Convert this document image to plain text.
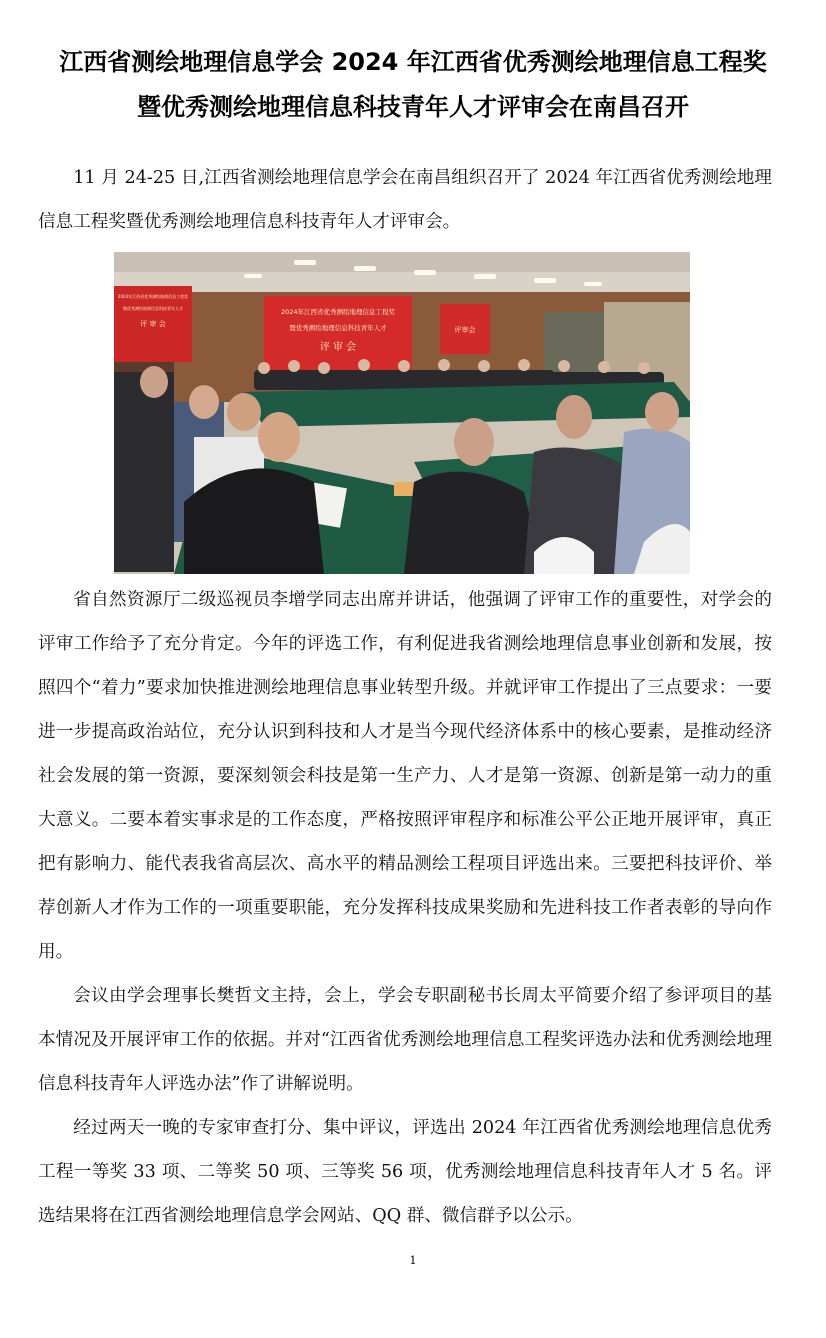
江西省测绘地理信息学会 2024 年江西省优秀测绘地理信息工程奖
暨优秀测绘地理信息科技青年人才评审会在南昌召开

11 月 24-25 日,江西省测绘地理信息学会在南昌组织召开了 2024 年江西省优秀测绘地理信息工程奖暨优秀测绘地理信息科技青年人才评审会。

2024年江西省优秀测绘地理信息工程奖
暨优秀测绘地理信息科技青年人才
评 审 会
2024年江西省优秀测绘地理信息工程奖
暨优秀测绘地理信息科技青年人才
评 审 会
评审会

省自然资源厅二级巡视员李增学同志出席并讲话，他强调了评审工作的重要性，对学会的评审工作给予了充分肯定。今年的评选工作，有利促进我省测绘地理信息事业创新和发展，按照四个“着力”要求加快推进测绘地理信息事业转型升级。并就评审工作提出了三点要求：一要进一步提高政治站位，充分认识到科技和人才是当今现代经济体系中的核心要素，是推动经济社会发展的第一资源，要深刻领会科技是第一生产力、人才是第一资源、创新是第一动力的重大意义。二要本着实事求是的工作态度，严格按照评审程序和标准公平公正地开展评审，真正把有影响力、能代表我省高层次、高水平的精品测绘工程项目评选出来。三要把科技评价、举荐创新人才作为工作的一项重要职能，充分发挥科技成果奖励和先进科技工作者表彰的导向作用。

会议由学会理事长樊哲文主持，会上，学会专职副秘书长周太平简要介绍了参评项目的基本情况及开展评审工作的依据。并对“江西省优秀测绘地理信息工程奖评选办法和优秀测绘地理信息科技青年人评选办法”作了讲解说明。

经过两天一晚的专家审查打分、集中评议，评选出 2024 年江西省优秀测绘地理信息优秀工程一等奖 33 项、二等奖 50 项、三等奖 56 项，优秀测绘地理信息科技青年人才 5 名。评选结果将在江西省测绘地理信息学会网站、QQ 群、微信群予以公示。

1
